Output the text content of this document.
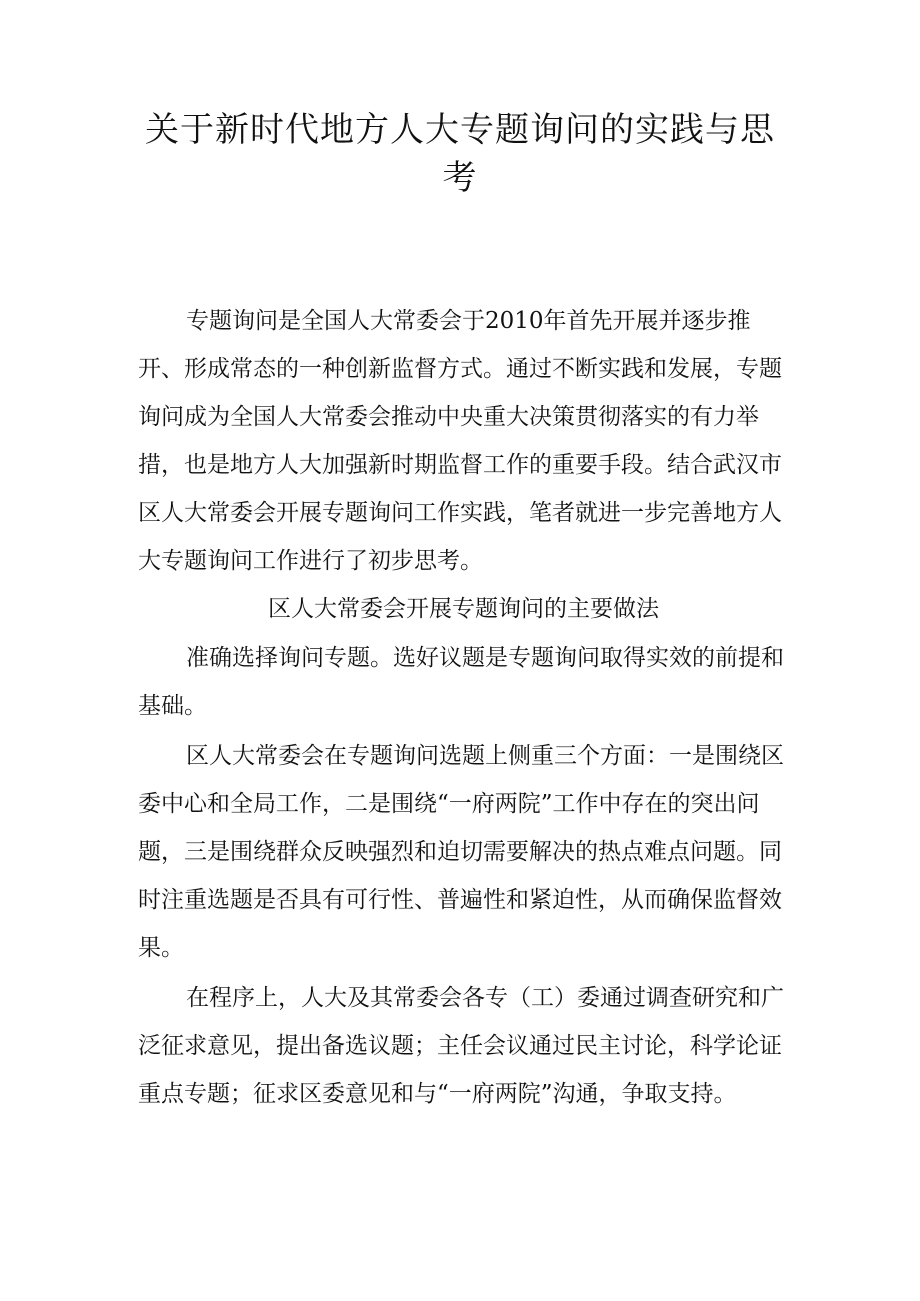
关于新时代地方人大专题询问的实践与思
考

专题询问是全国人大常委会于2010年首先开展并逐步推

开、形成常态的一种创新监督方式。通过不断实践和发展，专题

询问成为全国人大常委会推动中央重大决策贯彻落实的有力举

措，也是地方人大加强新时期监督工作的重要手段。结合武汉市

区人大常委会开展专题询问工作实践，笔者就进一步完善地方人

大专题询问工作进行了初步思考。

区人大常委会开展专题询问的主要做法

准确选择询问专题。选好议题是专题询问取得实效的前提和

基础。

区人大常委会在专题询问选题上侧重三个方面：一是围绕区

委中心和全局工作，二是围绕“一府两院”工作中存在的突出问

题，三是围绕群众反映强烈和迫切需要解决的热点难点问题。同

时注重选题是否具有可行性、普遍性和紧迫性，从而确保监督效

果。

在程序上，人大及其常委会各专（工）委通过调查研究和广

泛征求意见，提出备选议题；主任会议通过民主讨论，科学论证

重点专题；征求区委意见和与“一府两院”沟通，争取支持。
